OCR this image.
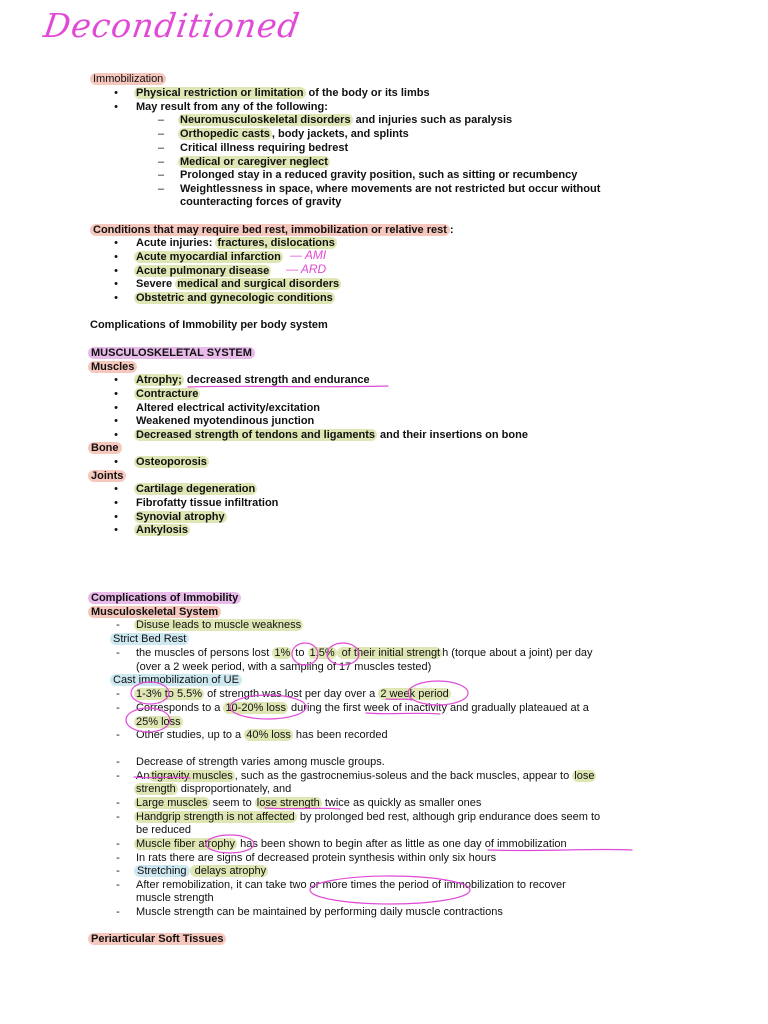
Deconditioned
Immobilization
•	Physical restriction or limitation of the body or its limbs
•	May result from any of the following:
– Neuromusculoskeletal disorders and injuries such as paralysis
– Orthopedic casts , body jackets, and splints
– Critical illness requiring bedrest
– Medical or caregiver neglect
– Prolonged stay in a reduced gravity position, such as sitting or recumbency
– Weightlessness in space, where movements are not restricted but occur without
counteracting forces of gravity
Conditions that may require bed rest, immobilization or relative rest :
•	Acute injuries: fractures, dislocations
•	Acute myocardial infarction — AMI
•	Acute pulmonary disease — ARD
•	Severe medical and surgical disorders
•	Obstetric and gynecologic conditions
Complications of Immobility per body system
MUSCULOSKELETAL SYSTEM
Muscles
•	Atrophy; decreased strength and endurance
•	Contracture
•	Altered electrical activity/excitation
•	Weakened myotendinous junction
•	Decreased strength of tendons and ligaments and their insertions on bone
Bone
•	Osteoporosis
Joints
•	Cartilage degeneration
•	Fibrofatty tissue infiltration
•	Synovial atrophy
•	Ankylosis
Complications of Immobility
Musculoskeletal System
-	Disuse leads to muscle weakness
Strict Bed Rest
-	the muscles of persons lost 1% to 1.5% of their initial strengt h (torque about a joint) per day
(over a 2 week period, with a sampling of 17 muscles tested)
Cast immobilization of UE
-	1-3% to 5.5% of strength was lost per day over a 2 week period
-	Corresponds to a 10-20% loss during the first week of inactivity and gradually plateaued at a
25% loss
-	Other studies, up to a 40% loss has been recorded
-	Decrease of strength varies among muscle groups.
-	An tigravity muscles , such as the gastrocnemius-soleus and the back muscles, appear to lose
strength disproportionately, and
-	Large muscles seem to lose strength twice as quickly as smaller ones
-	Handgrip strength is not affected by prolonged bed rest, although grip endurance does seem to
be reduced
-	Muscle fiber atrophy has been shown to begin after as little as one day of immobilization
-	In rats there are signs of decreased protein synthesis within only six hours
-	Stretching delays atrophy
-	After remobilization, it can take two or more times the period of immobilization to recover
muscle strength
-	Muscle strength can be maintained by performing daily muscle contractions
Periarticular Soft Tissues
